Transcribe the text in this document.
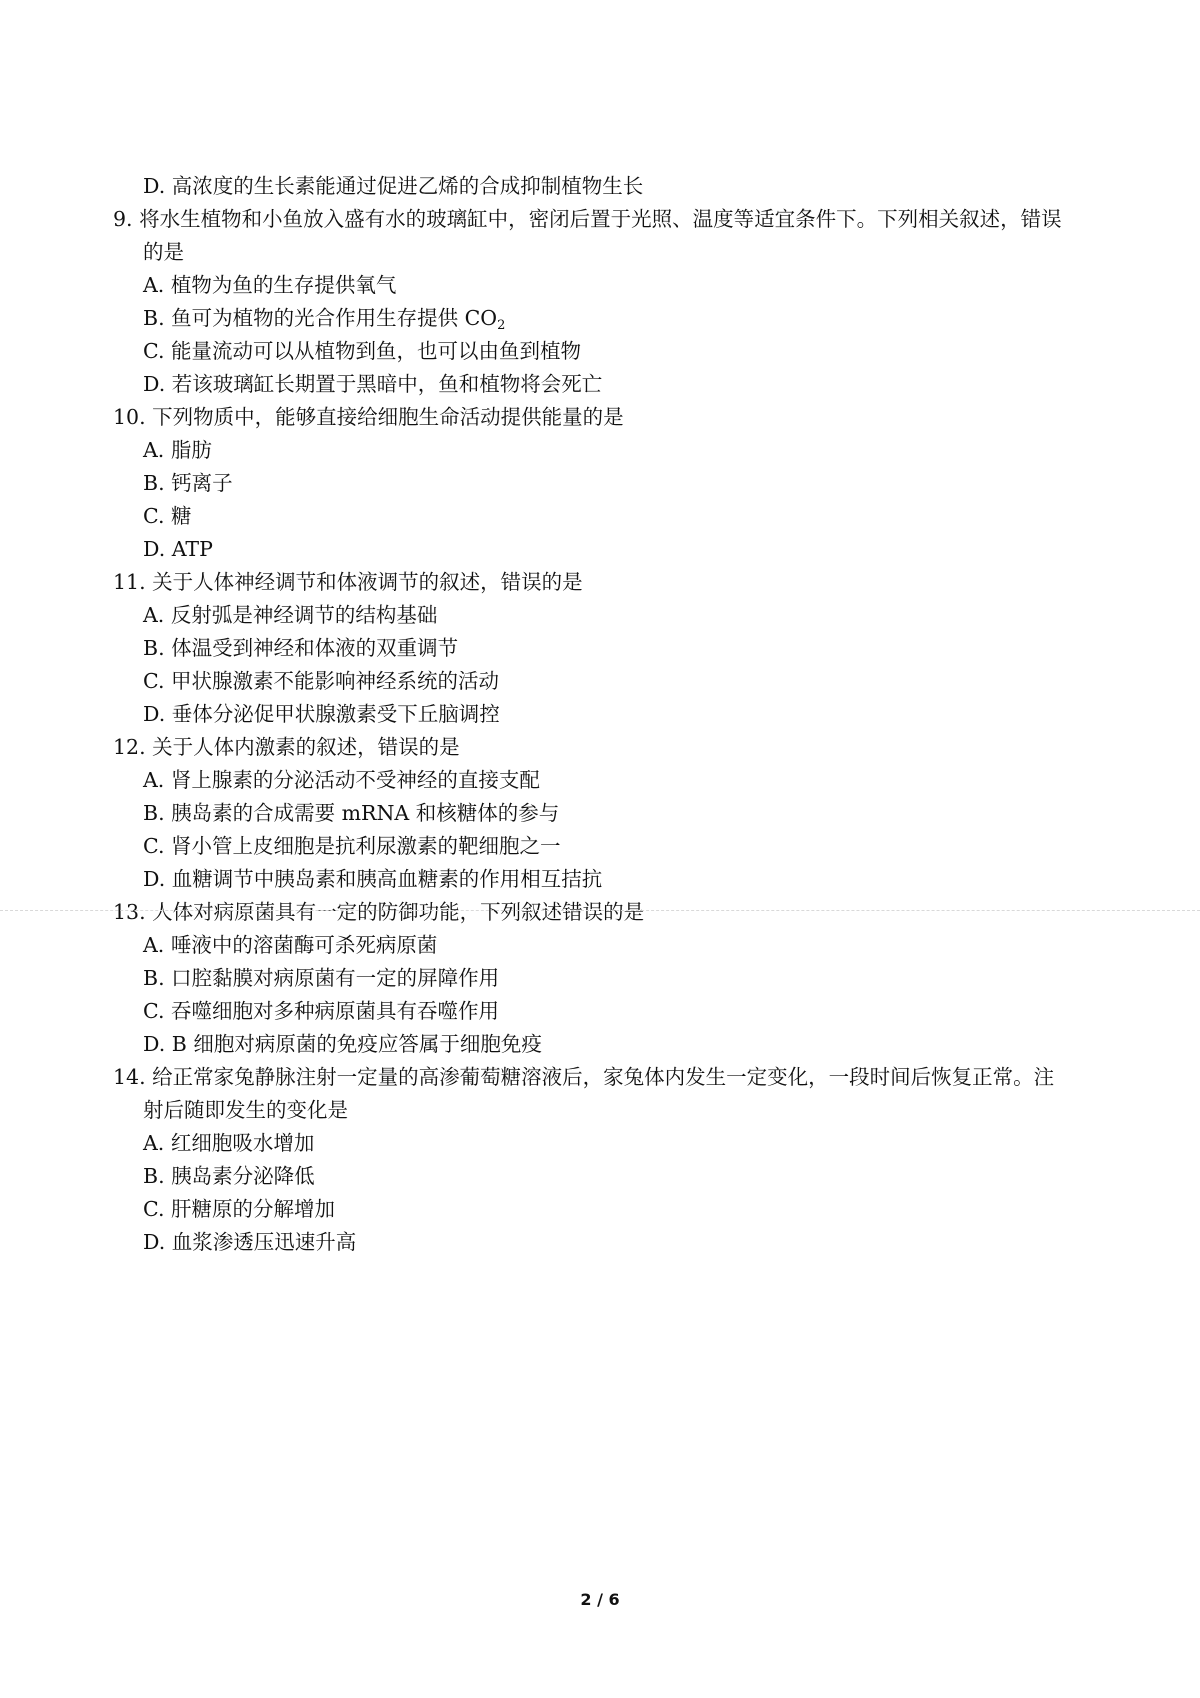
D. 高浓度的生长素能通过促进乙烯的合成抑制植物生长
9. 将水生植物和小鱼放入盛有水的玻璃缸中，密闭后置于光照、温度等适宜条件下。下列相关叙述，错误
的是
A. 植物为鱼的生存提供氧气
B. 鱼可为植物的光合作用生存提供 $CO_2$
C. 能量流动可以从植物到鱼，也可以由鱼到植物
D. 若该玻璃缸长期置于黑暗中，鱼和植物将会死亡
10. 下列物质中，能够直接给细胞生命活动提供能量的是
A. 脂肪
B. 钙离子
C. 糖
D. ATP
11. 关于人体神经调节和体液调节的叙述，错误的是
A. 反射弧是神经调节的结构基础
B. 体温受到神经和体液的双重调节
C. 甲状腺激素不能影响神经系统的活动
D. 垂体分泌促甲状腺激素受下丘脑调控
12. 关于人体内激素的叙述，错误的是
A. 肾上腺素的分泌活动不受神经的直接支配
B. 胰岛素的合成需要 mRNA 和核糖体的参与
C. 肾小管上皮细胞是抗利尿激素的靶细胞之一
D. 血糖调节中胰岛素和胰高血糖素的作用相互拮抗
13. 人体对病原菌具有一定的防御功能，下列叙述错误的是
A. 唾液中的溶菌酶可杀死病原菌
B. 口腔黏膜对病原菌有一定的屏障作用
C. 吞噬细胞对多种病原菌具有吞噬作用
D. B 细胞对病原菌的免疫应答属于细胞免疫
14. 给正常家兔静脉注射一定量的高渗葡萄糖溶液后，家兔体内发生一定变化，一段时间后恢复正常。注
射后随即发生的变化是
A. 红细胞吸水增加
B. 胰岛素分泌降低
C. 肝糖原的分解增加
D. 血浆渗透压迅速升高
2 / 6
